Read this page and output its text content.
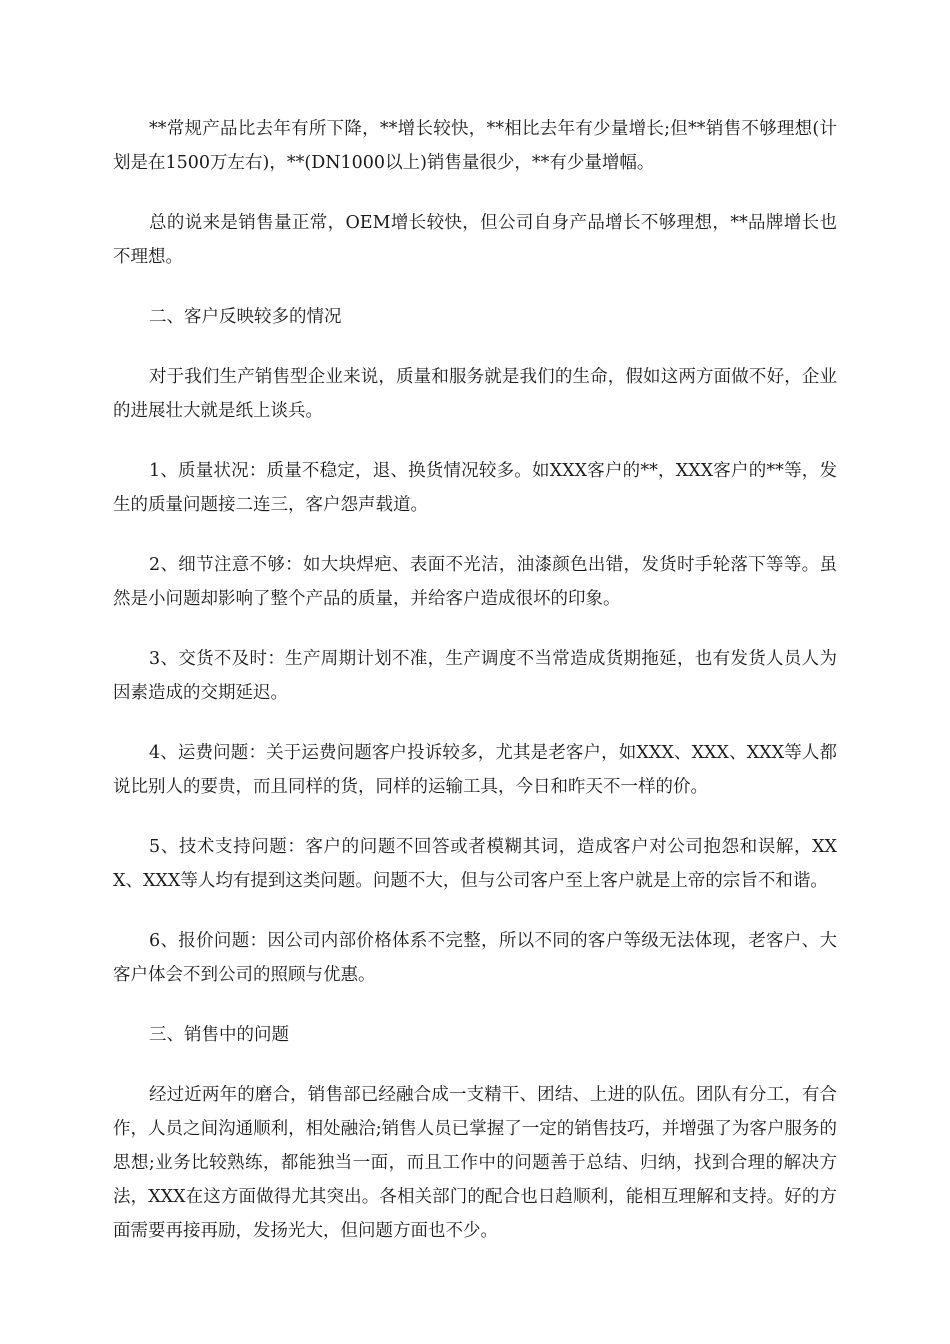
**常规产品比去年有所下降，**增长较快，**相比去年有少量增长;但**销售不够理想(计划是在1500万左右)，**(DN1000以上)销售量很少，**有少量增幅。

总的说来是销售量正常，OEM增长较快，但公司自身产品增长不够理想，**品牌增长也不理想。

二、客户反映较多的情况

对于我们生产销售型企业来说，质量和服务就是我们的生命，假如这两方面做不好，企业的进展壮大就是纸上谈兵。

1、质量状况：质量不稳定，退、换货情况较多。如XXX客户的**，XXX客户的**等，发生的质量问题接二连三，客户怨声载道。

2、细节注意不够：如大块焊疤、表面不光洁，油漆颜色出错，发货时手轮落下等等。虽然是小问题却影响了整个产品的质量，并给客户造成很坏的印象。

3、交货不及时：生产周期计划不准，生产调度不当常造成货期拖延，也有发货人员人为因素造成的交期延迟。

4、运费问题：关于运费问题客户投诉较多，尤其是老客户，如XXX、XXX、XXX等人都说比别人的要贵，而且同样的货，同样的运输工具，今日和昨天不一样的价。

5、技术支持问题：客户的问题不回答或者模糊其词，造成客户对公司抱怨和误解，XXX、XXX等人均有提到这类问题。问题不大，但与公司客户至上客户就是上帝的宗旨不和谐。

6、报价问题：因公司内部价格体系不完整，所以不同的客户等级无法体现，老客户、大客户体会不到公司的照顾与优惠。

三、销售中的问题

经过近两年的磨合，销售部已经融合成一支精干、团结、上进的队伍。团队有分工，有合作，人员之间沟通顺利，相处融洽;销售人员已掌握了一定的销售技巧，并增强了为客户服务的思想;业务比较熟练，都能独当一面，而且工作中的问题善于总结、归纳，找到合理的解决方法，XXX在这方面做得尤其突出。各相关部门的配合也日趋顺利，能相互理解和支持。好的方面需要再接再励，发扬光大，但问题方面也不少。
